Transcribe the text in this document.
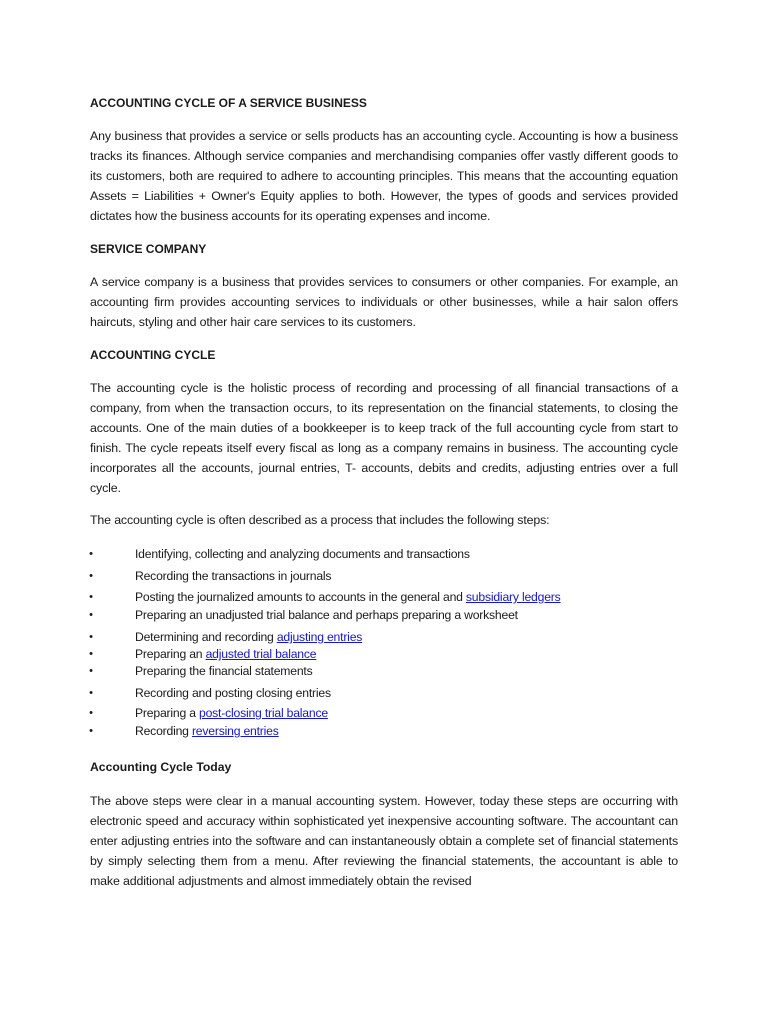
ACCOUNTING CYCLE OF A SERVICE BUSINESS

Any business that provides a service or sells products has an accounting cycle. Accounting is how a business tracks its finances. Although service companies and merchandising companies offer vastly different goods to its customers, both are required to adhere to accounting principles. This means that the accounting equation Assets = Liabilities + Owner's Equity applies to both. However, the types of goods and services provided dictates how the business accounts for its operating expenses and income.

SERVICE COMPANY

A service company is a business that provides services to consumers or other companies. For example, an accounting firm provides accounting services to individuals or other businesses, while a hair salon offers haircuts, styling and other hair care services to its customers.

ACCOUNTING CYCLE

The accounting cycle is the holistic process of recording and processing of all financial transactions of a company, from when the transaction occurs, to its representation on the financial statements, to closing the accounts. One of the main duties of a bookkeeper is to keep track of the full accounting cycle from start to finish. The cycle repeats itself every fiscal as long as a company remains in business. The accounting cycle incorporates all the accounts, journal entries, T- accounts, debits and credits, adjusting entries over a full cycle.

The accounting cycle is often described as a process that includes the following steps:

•	Identifying, collecting and analyzing documents and transactions
•	Recording the transactions in journals
•	Posting the journalized amounts to accounts in the general and subsidiary ledgers
•	Preparing an unadjusted trial balance and perhaps preparing a worksheet
•	Determining and recording adjusting entries
•	Preparing an adjusted trial balance
•	Preparing the financial statements
•	Recording and posting closing entries
•	Preparing a post-closing trial balance
•	Recording reversing entries

Accounting Cycle Today

The above steps were clear in a manual accounting system. However, today these steps are occurring with electronic speed and accuracy within sophisticated yet inexpensive accounting software. The accountant can enter adjusting entries into the software and can instantaneously obtain a complete set of financial statements by simply selecting them from a menu. After reviewing the financial statements, the accountant is able to make additional adjustments and almost immediately obtain the revised
